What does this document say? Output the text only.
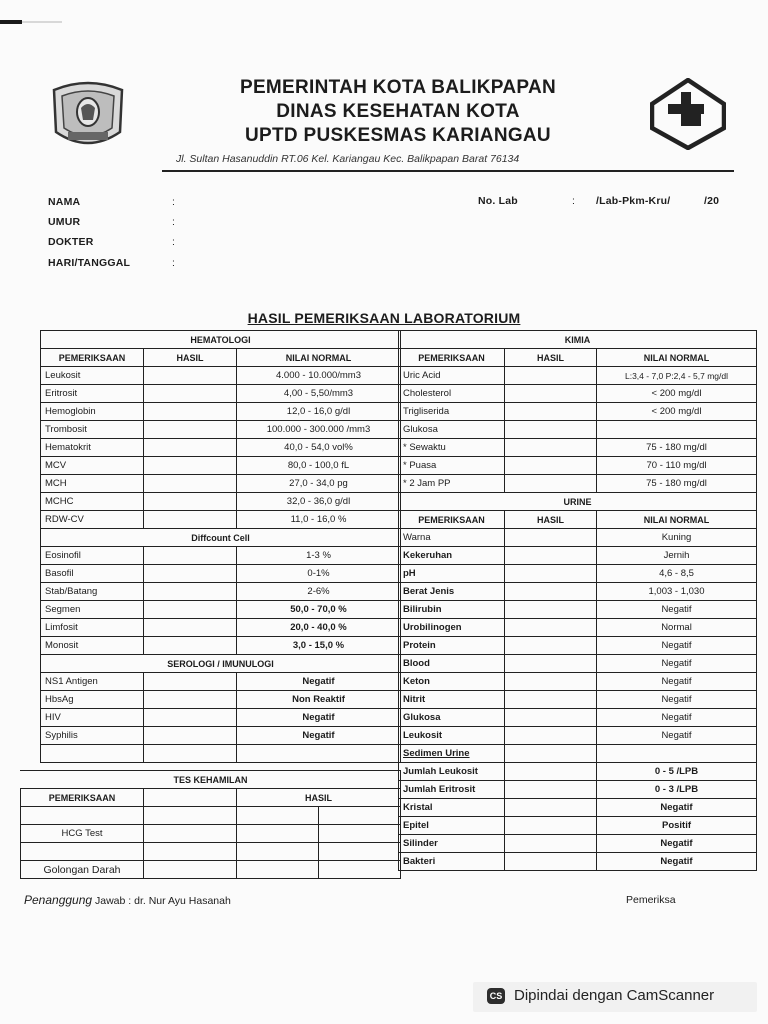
PEMERINTAH KOTA BALIKPAPAN
DINAS KESEHATAN KOTA
UPTD PUSKESMAS KARIANGAU
Jl. Sultan Hasanuddin RT.06 Kel. Kariangau Kec. Balikpapan Barat 76134
NAMA	:
UMUR	:
DOKTER	:
HARI/TANGGAL	:
No. Lab	: /Lab-Pkm-Kru/	/20
HASIL PEMERIKSAAN LABORATORIUM
HEMATOLOGI		
PEMERIKSAAN	HASIL	NILAI NORMAL
Leukosit		4.000 - 10.000/mm3
Eritrosit		4,00 - 5,50/mm3
Hemoglobin		12,0 - 16,0 g/dl
Trombosit		100.000 - 300.000 /mm3
Hematokrit		40,0 - 54,0 vol%
MCV		80,0 - 100,0 fL
MCH		27,0 - 34,0 pg
MCHC		32,0 - 36,0 g/dl
RDW-CV		11,0 - 16,0 %
Diffcount Cell		
Eosinofil		1-3 %
Basofil		0-1%
Stab/Batang		2-6%
Segmen		50,0 - 70,0 %
Limfosit		20,0 - 40,0 %
Monosit		3,0 - 15,0 %
SEROLOGI / IMUNULOGI		
NS1 Antigen		Negatif
HbsAg		Non Reaktif
HIV		Negatif
Syphilis		Negatif

TES KEHAMILAN			
PEMERIKSAAN		HASIL	

HCG Test			

Golongan Darah			
KIMIA		
PEMERIKSAAN	HASIL	NILAI NORMAL
Uric Acid		L:3,4 - 7,0 P:2,4 - 5,7 mg/dl
Cholesterol		< 200 mg/dl
Trigliserida		< 200 mg/dl
Glukosa		
* Sewaktu		75 - 180 mg/dl
* Puasa		70 - 110 mg/dl
* 2 Jam PP		75 - 180 mg/dl
URINE		
PEMERIKSAAN	HASIL	NILAI NORMAL
Warna		Kuning
Kekeruhan		Jernih
pH		4,6 - 8,5
Berat Jenis		1,003 - 1,030
Bilirubin		Negatif
Urobilinogen		Normal
Protein		Negatif
Blood		Negatif
Keton		Negatif
Nitrit		Negatif
Glukosa		Negatif
Leukosit		Negatif
Sedimen Urine		
Jumlah Leukosit		0 - 5 /LPB
Jumlah Eritrosit		0 - 3 /LPB
Kristal		Negatif
Epitel		Positif
Silinder		Negatif
Bakteri		Negatif
Penanggung Jawab : dr. Nur Ayu Hasanah	Pemeriksa
CS Dipindai dengan CamScanner
